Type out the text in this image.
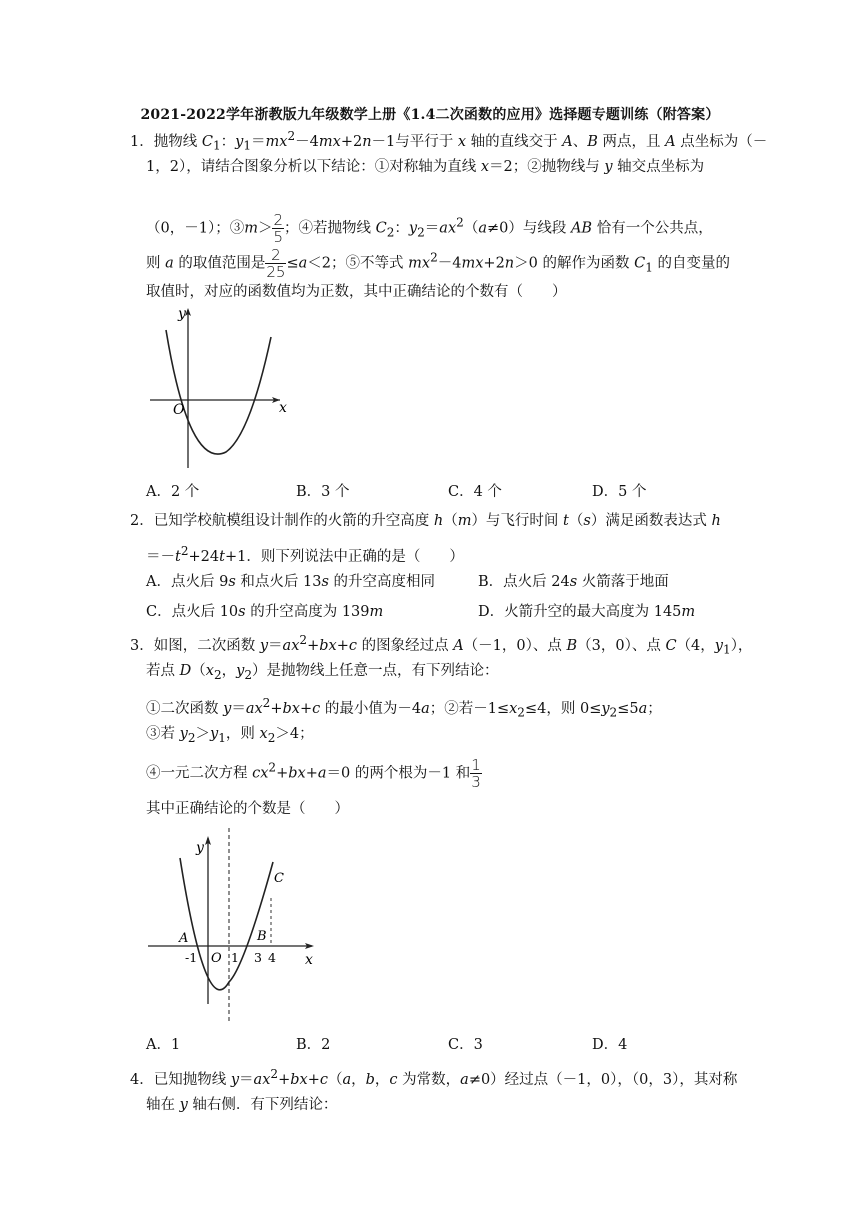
2021-2022学年浙教版九年级数学上册《1.4二次函数的应用》选择题专题训练（附答案）
1．抛物线 $C_1$：$y_1=mx^2-4mx+2n-1$与平行于 x 轴的直线交于 A、B 两点，且 A 点坐标为（－
1，2），请结合图象分析以下结论：①对称轴为直线 x＝2；②抛物线与 y 轴交点坐标为
（0，－1）；③m＞ $\frac{2}{5}$ ；④若抛物线 $C_2$：$y_2=ax^2(a\ne 0)$与线段 AB 恰有一个公共点，
则 a 的取值范围是 $\frac{2}{25} \le a<2$；⑤不等式 $mx^2-4mx+2n>0$ 的解作为函数 $C_1$ 的自变量的
取值时，对应的函数值均为正数，其中正确结论的个数有（　　）
y
x
O
A．2 个	B．3 个	C．4 个	D．5 个
2．已知学校航模组设计制作的火箭的升空高度 h（m）与飞行时间 t（s）满足函数表达式 h
$=-t^2+24t+1$．则下列说法中正确的是（　　）
A．点火后 9s 和点火后 13s 的升空高度相同	B．点火后 24s 火箭落于地面
C．点火后 10s 的升空高度为 139m	D．火箭升空的最大高度为 145m
3．如图，二次函数 $y=ax^2+bx+c$ 的图象经过点 A（－1，0）、点 B（3，0）、点 C（4，$y_1$），
若点 $D(x_2$，$y_2$）是抛物线上任意一点，有下列结论：
①二次函数 $y=ax^2+bx+c$ 的最小值为－4a；②若$-1\le x_2\le 4$，则 $0\le y_2\le 5a$；
③若 $y_2>y_1$，则 $x_2>4$；
④一元二次方程 $cx^2+bx+a=0$ 的两个根为－1 和 $\frac{1}{3}$
其中正确结论的个数是（　　）
y
x
A	B
C
-1 O 1 3 4
A．1	B．2	C．3	D．4
4．已知抛物线 $y=ax^2+bx+c(a$，b，c 为常数，a≠0）经过点（－1，0），（0，3），其对称
轴在 y 轴右侧．有下列结论：
